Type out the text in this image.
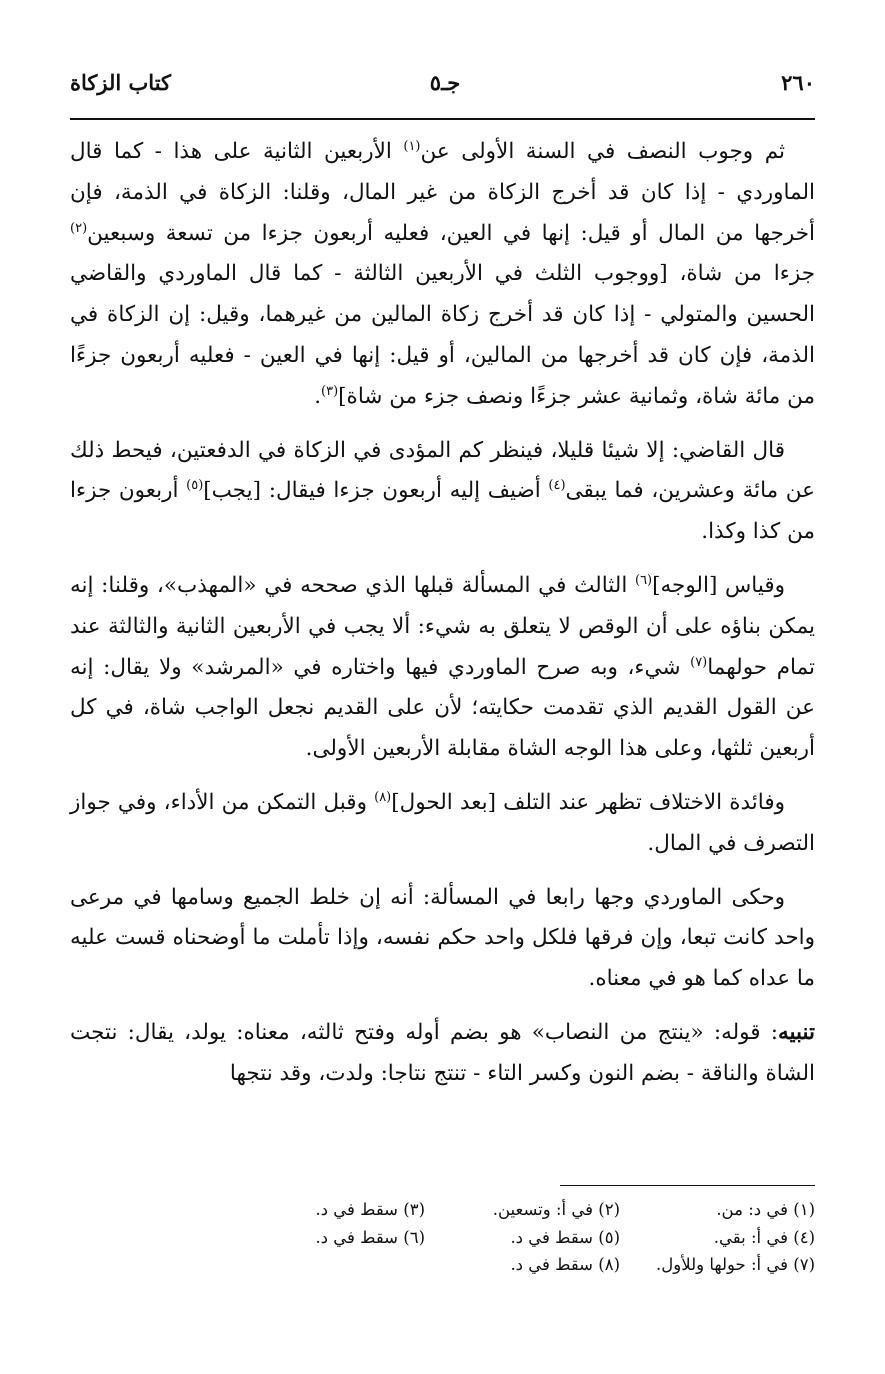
٢٦٠
جـ٥
كتاب الزكاة

ثم وجوب النصف في السنة الأولى عن$^{(١)}$ الأربعين الثانية على هذا - كما قال الماوردي - إذا كان قد أخرج الزكاة من غير المال، وقلنا: الزكاة في الذمة، فإن أخرجها من المال أو قيل: إنها في العين، فعليه أربعون جزءا من تسعة وسبعين$^{(٢)}$ جزءا من شاة، [ووجوب الثلث في الأربعين الثالثة - كما قال الماوردي والقاضي الحسين والمتولي - إذا كان قد أخرج زكاة المالين من غيرهما، وقيل: إن الزكاة في الذمة، فإن كان قد أخرجها من المالين، أو قيل: إنها في العين - فعليه أربعون جزءًا من مائة شاة، وثمانية عشر جزءًا ونصف جزء من شاة]$^{(٣)}$.

قال القاضي: إلا شيئا قليلا، فينظر كم المؤدى في الزكاة في الدفعتين، فيحط ذلك عن مائة وعشرين، فما يبقى$^{(٤)}$ أضيف إليه أربعون جزءا فيقال: [يجب]$^{(٥)}$ أربعون جزءا من كذا وكذا.

وقياس [الوجه]$^{(٦)}$ الثالث في المسألة قبلها الذي صححه في «المهذب»، وقلنا: إنه يمكن بناؤه على أن الوقص لا يتعلق به شيء: ألا يجب في الأربعين الثانية والثالثة عند تمام حولهما$^{(٧)}$ شيء، وبه صرح الماوردي فيها واختاره في «المرشد» ولا يقال: إنه عن القول القديم الذي تقدمت حكايته؛ لأن على القديم نجعل الواجب شاة، في كل أربعين ثلثها، وعلى هذا الوجه الشاة مقابلة الأربعين الأولى.

وفائدة الاختلاف تظهر عند التلف [بعد الحول]$^{(٨)}$ وقبل التمكن من الأداء، وفي جواز التصرف في المال.

وحكى الماوردي وجها رابعا في المسألة: أنه إن خلط الجميع وسامها في مرعى واحد كانت تبعا، وإن فرقها فلكل واحد حكم نفسه، وإذا تأملت ما أوضحناه قست عليه ما عداه كما هو في معناه.

تنبيه: قوله: «ينتج من النصاب» هو بضم أوله وفتح ثالثه، معناه: يولد، يقال: نتجت الشاة والناقة - بضم النون وكسر التاء - تنتج نتاجا: ولدت، وقد نتجها

(١) في د: من.
(٢) في أ: وتسعين.
(٣) سقط في د.
(٤) في أ: بقي.
(٥) سقط في د.
(٦) سقط في د.
(٧) في أ: حولها وللأول.
(٨) سقط في د.
